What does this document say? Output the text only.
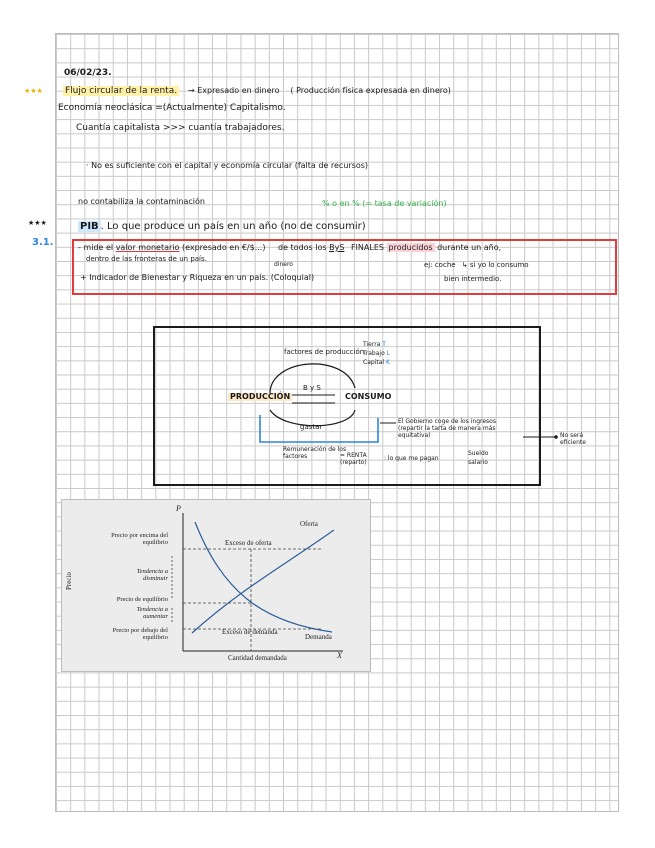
06/02/23.
★★★ Flujo circular de la renta. → Expresado en dinero ( Producción física expresada en dinero)
Economía neoclásica =(Actualmente) Capitalismo.
Cuantía capitalista >>> cuantía trabajadores.
· No es suficiente con el capital y economía circular (falta de recursos)
no contabiliza la contaminación	% o en % (= tasa de variación)
★★★
3.1.
PIB . Lo que produce un país en un año (no de consumir)
- mide el valor monetario (expresado en €/$...) de todos los ByS FINALES producidos durante un año,
dentro de las fronteras de un país.
dinero	ej: coche ↳ si yo lo consumo
bien intermedio.
+ Indicador de Bienestar y Riqueza en un país. (Coloquial)
factores de producción
Tierra T
Trabajo L
Capital K
PRODUCCIÓN	CONSUMO
B y S
gastar
Remuneración de los factores	= RENTA (reparto)
El Gobierno coge de los ingresos (repartir la tarta de manera más equitativa)	No será eficiente
: lo que me pagan
Sueldo
salario
P
X
Precio
Cantidad demandada
Oferta
Demanda
Exceso de oferta
Exceso de demanda
Precio por encima del equilibrio
Tendencia a disminuir
Precio de equilibrio
Tendencia a aumentar
Precio por debajo del equilibrio
